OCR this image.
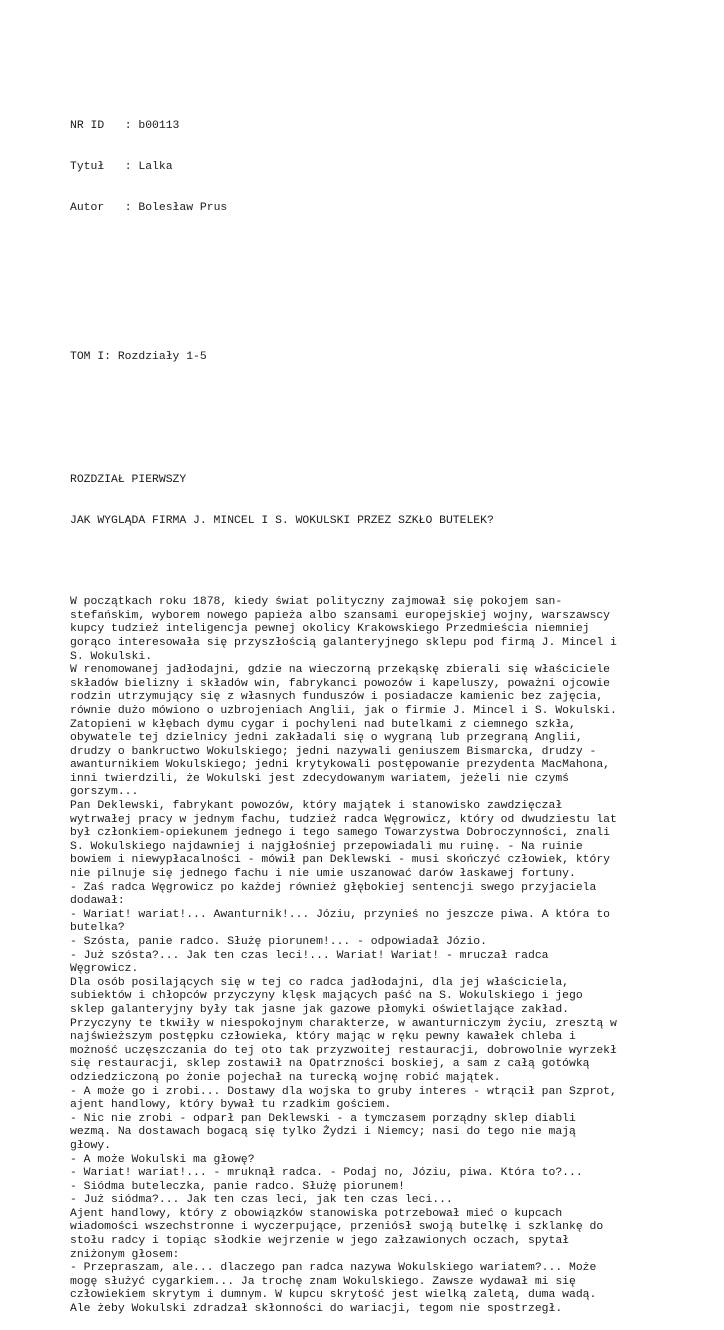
NR ID   : b00113

Tytuł   : Lalka

Autor   : Bolesław Prus

TOM I: Rozdziały 1-5

ROZDZIAŁ PIERWSZY

JAK WYGLĄDA FIRMA J. MINCEL I S. WOKULSKI PRZEZ SZKŁO BUTELEK?

W początkach roku 1878, kiedy świat polityczny zajmował się pokojem san-
stefańskim, wyborem nowego papieża albo szansami europejskiej wojny, warszawscy
kupcy tudzież inteligencja pewnej okolicy Krakowskiego Przedmieścia niemniej
gorąco interesowała się przyszłością galanteryjnego sklepu pod firmą J. Mincel i
S. Wokulski.
W renomowanej jadłodajni, gdzie na wieczorną przekąskę zbierali się właściciele
składów bielizny i składów win, fabrykanci powozów i kapeluszy, poważni ojcowie
rodzin utrzymujący się z własnych funduszów i posiadacze kamienic bez zajęcia,
równie dużo mówiono o uzbrojeniach Anglii, jak o firmie J. Mincel i S. Wokulski.
Zatopieni w kłębach dymu cygar i pochyleni nad butelkami z ciemnego szkła,
obywatele tej dzielnicy jedni zakładali się o wygraną lub przegraną Anglii,
drudzy o bankructwo Wokulskiego; jedni nazywali geniuszem Bismarcka, drudzy -
awanturnikiem Wokulskiego; jedni krytykowali postępowanie prezydenta MacMahona,
inni twierdzili, że Wokulski jest zdecydowanym wariatem, jeżeli nie czymś
gorszym...
Pan Deklewski, fabrykant powozów, który majątek i stanowisko zawdzięczał
wytrwałej pracy w jednym fachu, tudzież radca Węgrowicz, który od dwudziestu lat
był członkiem-opiekunem jednego i tego samego Towarzystwa Dobroczynności, znali
S. Wokulskiego najdawniej i najgłośniej przepowiadali mu ruinę. - Na ruinie
bowiem i niewypłacalności - mówił pan Deklewski - musi skończyć człowiek, który
nie pilnuje się jednego fachu i nie umie uszanować darów łaskawej fortuny.
- Zaś radca Węgrowicz po każdej również głębokiej sentencji swego przyjaciela
dodawał:
- Wariat! wariat!... Awanturnik!... Józiu, przynieś no jeszcze piwa. A która to
butelka?
- Szósta, panie radco. Służę piorunem!... - odpowiadał Józio.
- Już szósta?... Jak ten czas leci!... Wariat! Wariat! - mruczał radca
Węgrowicz.
Dla osób posilających się w tej co radca jadłodajni, dla jej właściciela,
subiektów i chłopców przyczyny klęsk mających paść na S. Wokulskiego i jego
sklep galanteryjny były tak jasne jak gazowe płomyki oświetlające zakład.
Przyczyny te tkwiły w niespokojnym charakterze, w awanturniczym życiu, zresztą w
najświeższym postępku człowieka, który mając w ręku pewny kawałek chleba i
możność uczęszczania do tej oto tak przyzwoitej restauracji, dobrowolnie wyrzekł
się restauracji, sklep zostawił na Opatrzności boskiej, a sam z całą gotówką
odziedziczoną po żonie pojechał na turecką wojnę robić majątek.
- A może go i zrobi... Dostawy dla wojska to gruby interes - wtrącił pan Szprot,
ajent handlowy, który bywał tu rzadkim gościem.
- Nic nie zrobi - odparł pan Deklewski - a tymczasem porządny sklep diabli
wezmą. Na dostawach bogacą się tylko Żydzi i Niemcy; nasi do tego nie mają
głowy.
- A może Wokulski ma głowę?
- Wariat! wariat!... - mruknął radca. - Podaj no, Józiu, piwa. Która to?...
- Siódma buteleczka, panie radco. Służę piorunem!
- Już siódma?... Jak ten czas leci, jak ten czas leci...
Ajent handlowy, który z obowiązków stanowiska potrzebował mieć o kupcach
wiadomości wszechstronne i wyczerpujące, przeniósł swoją butelkę i szklankę do
stołu radcy i topiąc słodkie wejrzenie w jego załzawionych oczach, spytał
zniżonym głosem:
- Przepraszam, ale... dlaczego pan radca nazywa Wokulskiego wariatem?... Może
mogę służyć cygarkiem... Ja trochę znam Wokulskiego. Zawsze wydawał mi się
człowiekiem skrytym i dumnym. W kupcu skrytość jest wielką zaletą, duma wadą.
Ale żeby Wokulski zdradzał skłonności do wariacji, tegom nie spostrzegł.
